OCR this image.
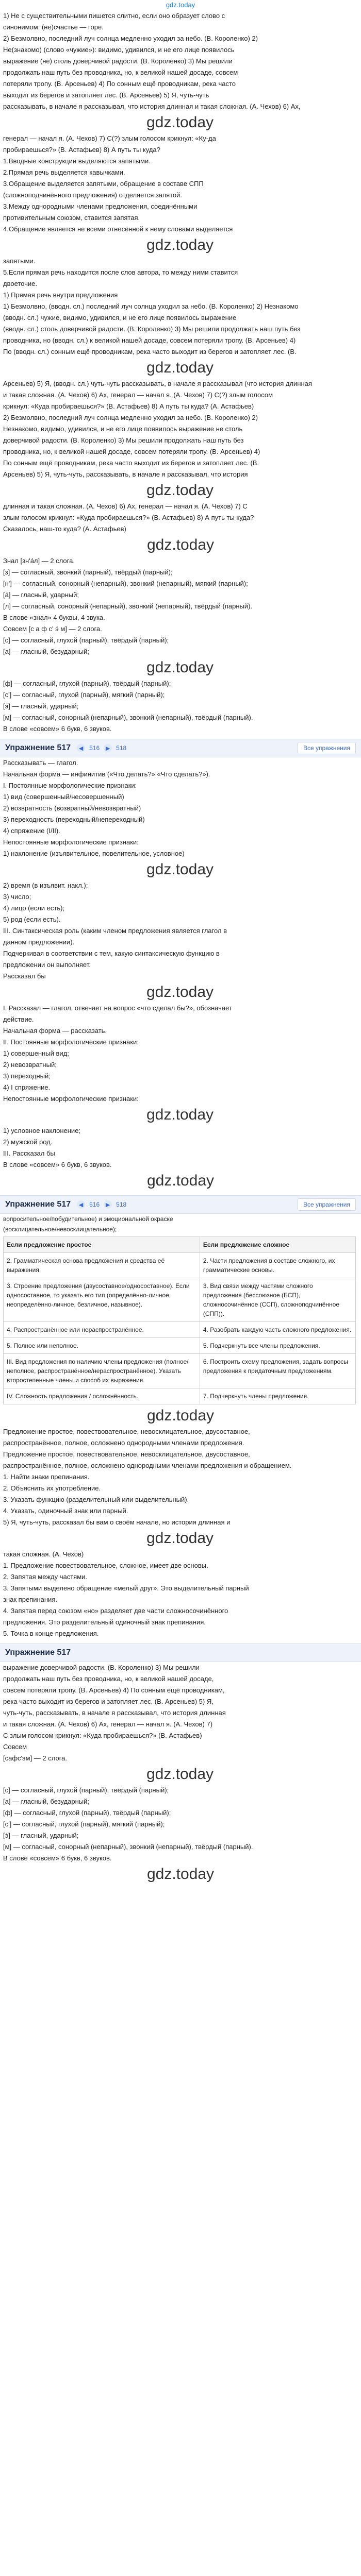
gdz.today

1) Не с существительными пишется слитно, если оно образует слово с

синонимом: (не)счастье — горе.

2) Безмолвно, последний луч солнца медленно уходил за небо. (В. Короленко) 2)

Не(знакомо) (слово «чужие»): видимо, удивился, и не его лице появилось

выражение (не) столь доверчивой радости. (В. Короленко) 3) Мы решили

продолжать наш путь без проводника, но, к великой нашей досаде, совсем

потеряли тропу. (В. Арсеньев) 4) По сонным ещё проводникам, река часто

выходит из берегов и затопляет лес. (В. Арсеньев) 5) Я, чуть-чуть

рассказывать, в начале я рассказывал, что история длинная и такая сложная. (А. Чехов) 6) Ах,

gdz.today

генерал — начал я. (А. Чехов) 7) С(?) злым голосом крикнул: «Ку-да

пробираешься?» (В. Астафьев) 8) А путь ты куда?

1.Вводные конструкции выделяются запятыми.

2.Прямая речь выделяется кавычками.

3.Обращение выделяется запятыми, обращение в составе СПП

(сложноподчинённого предложения) отделяется запятой.

3.Между однородными членами предложения, соединёнными

противительным союзом, ставится запятая.

4.Обращение является не всеми отнесённой к нему словами выделяется

gdz.today

запятыми.

5.Если прямая речь находится после слов автора, то между ними ставится

двоеточие.

1) Прямая речь внутри предложения

1) Безмолвно, (вводн. сл.) последний луч солнца уходил за небо. (В. Короленко) 2) Незнакомо

(вводн. сл.) чужие, видимо, удивился, и не его лице появилось выражение

(вводн. сл.) столь доверчивой радости. (В. Короленко) 3) Мы решили продолжать наш путь без

проводника, но (вводн. сл.) к великой нашей досаде, совсем потеряли тропу. (В. Арсеньев) 4)

По (вводн. сл.) сонным ещё проводникам, река часто выходит из берегов и затопляет лес. (В.

gdz.today

Арсеньев) 5) Я, (вводн. сл.) чуть-чуть рассказывать, в начале я рассказывал (что история длинная

и такая сложная. (А. Чехов) 6) Ах, генерал — начал я. (А. Чехов) 7) С(?) злым голосом

крикнул: «Куда пробираешься?» (В. Астафьев) 8) А путь ты куда? (А. Астафьев)

2) Безмолвно, последний луч солнца медленно уходил за небо. (В. Короленко) 2)

Незнакомо, видимо, удивился, и не его лице появилось выражение не столь

доверчивой радости. (В. Короленко) 3) Мы решили продолжать наш путь без

проводника, но, к великой нашей досаде, совсем потеряли тропу. (В. Арсеньев) 4)

По сонным ещё проводникам, река часто выходит из берегов и затопляет лес. (В.

Арсеньев) 5) Я, чуть-чуть, рассказывать, в начале я рассказывал, что история

gdz.today

длинная и такая сложная. (А. Чехов) 6) Ах, генерал — начал я. (А. Чехов) 7) С

злым голосом крикнул: «Куда пробираешься?» (В. Астафьев) 8) А путь ты куда?

Сказалось, наш-то куда? (А. Астафьев)

gdz.today

Знал [зн'а́л] — 2 слога.

[з] — согласный, звонкий (парный), твёрдый (парный);

[н'] — согласный, сонорный (непарный), звонкий (непарный), мягкий (парный);

[а́] — гласный, ударный;

[л] — согласный, сонорный (непарный), звонкий (непарный), твёрдый (парный).

В слове «знал» 4 буквы, 4 звука.

Совсем [с а ф с' э́ м] — 2 слога.

[с] — согласный, глухой (парный), твёрдый (парный);

[а] — гласный, безударный;

gdz.today

[ф] — согласный, глухой (парный), твёрдый (парный);

[с'] — согласный, глухой (парный), мягкий (парный);

[э́] — гласный, ударный;

[м] — согласный, сонорный (непарный), звонкий (непарный), твёрдый (парный).

В слове «совсем» 6 букв, 6 звуков.

Упражнение 517	◀ 516	▶ 518	Все упражнения

Рассказывать — глагол.

Начальная форма — инфинитив («Что делать?» «Что сделать?»).

I. Постоянные морфологические признаки:

1) вид (совершенный/несовершенный)

2) возвратность (возвратный/невозвратный)

3) переходность (переходный/непереходный)

4) спряжение (I/II).

Непостоянные морфологические признаки:

1) наклонение (изъявительное, повелительное, условное)

gdz.today

2) время (в изъявит. накл.);

3) число;

4) лицо (если есть);

5) род (если есть).

III. Синтаксическая роль (каким членом предложения является глагол в

данном предложении).

Подчеркивая в соответствии с тем, какую синтаксическую функцию в

предложении он выполняет.

Рассказал бы

gdz.today

I. Рассказал — глагол, отвечает на вопрос «что сделал бы?», обозначает

действие.

Начальная форма — рассказать.

II. Постоянные морфологические признаки:

1) совершенный вид;

2) невозвратный;

3) переходный;

4) I спряжение.

Непостоянные морфологические признаки:

gdz.today

1) условное наклонение;

2) мужской род.

III. Рассказал бы

В слове «совсем» 6 букв, 6 звуков.

gdz.today
Упражнение 517	◀ 516	▶ 518	Все упражнения

вопросительное/побудительное) и эмоциональной окраске

(восклицательное/невосклицательное);

Если предложение простое	Если предложение сложное
2. Грамматическая основа предложения и средства её выражения.	2. Части предложения в составе сложного, их грамматические основы.
3. Строение предложения (двусоставное/односоставное). Если односоставное, то указать его тип (определённо-личное, неопределённо-личное, безличное, назывное).	3. Вид связи между частями сложного предложения (бессоюзное (БСП), сложносочинённое (ССП), сложноподчинённое (СПП)).
4. Распространённое или нераспространённое.	4. Разобрать каждую часть сложного предложения.
5. Полное или неполное.	5. Подчеркнуть все члены предложения.
III. Вид предложения по наличию члены предложения (полное/неполное, распространённое/нераспространённое). Указать второстепенные члены и способ их выражения.	6. Построить схему предложения, задать вопросы предложения к придаточным предложениям.
IV. Сложность предложения / осложнённость.	7. Подчеркнуть члены предложения.
gdz.today

Предложение простое, повествовательное, невосклицательное, двусоставное,

распространённое, полное, осложнено однородными членами предложения.

Предложение простое, повествовательное, невосклицательное, двусоставное,

распространённое, полное, осложнено однородными членами предложения и обращением.

1. Найти знаки препинания.

2. Объяснить их употребление.

3. Указать функцию (разделительный или выделительный).

4. Указать, одиночный знак или парный.

5) Я, чуть-чуть, рассказал бы вам о своём начале, но история длинная и

gdz.today

такая сложная. (А. Чехов)

1. Предложение повествовательное, сложное, имеет две основы.

2. Запятая между частями.

3. Запятыми выделено обращение «мелый друг». Это выделительный парный

знак препинания.

4. Запятая перед союзом «но» разделяет две части сложносочинённого

предложения. Это разделительный одиночный знак препинания.

5. Точка в конце предложения.

Упражнение 517

выражение доверчивой радости. (В. Короленко) 3) Мы решили

продолжать наш путь без проводника, но, к великой нашей досаде,

совсем потеряли тропу. (В. Арсеньев) 4) По сонным ещё проводникам,

река часто выходит из берегов и затопляет лес. (В. Арсеньев) 5) Я,

чуть-чуть, рассказывать, в начале я рассказывал, что история длинная

и такая сложная. (А. Чехов) 6) Ах, генерал — начал я. (А. Чехов) 7)

С злым голосом крикнул: «Куда пробираешься?» (В. Астафьев)

Совсем

[сафс'эм] — 2 слога.

gdz.today

[с] — согласный, глухой (парный), твёрдый (парный);

[а] — гласный, безударный;

[ф] — согласный, глухой (парный), твёрдый (парный);

[с'] — согласный, глухой (парный), мягкий (парный);

[э́] — гласный, ударный;

[м] — согласный, сонорный (непарный), звонкий (непарный), твёрдый (парный).

В слове «совсем» 6 букв, 6 звуков.

gdz.today
